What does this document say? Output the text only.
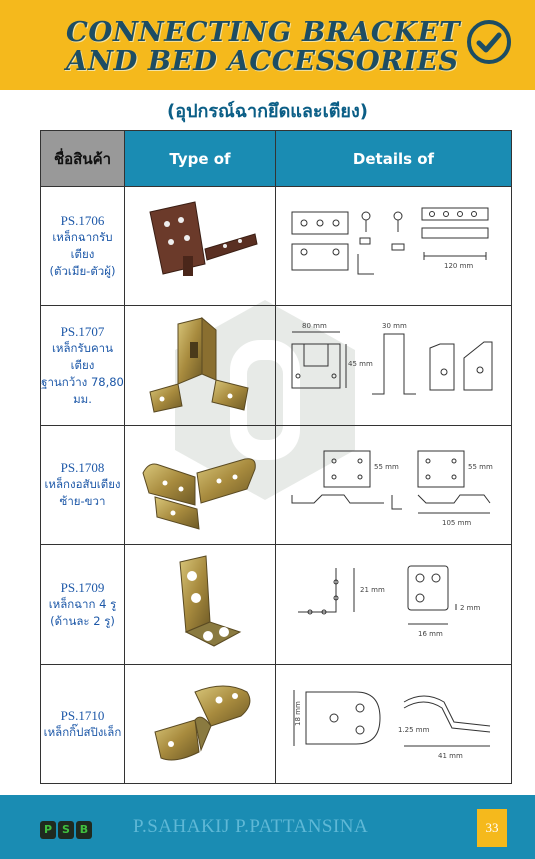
CONNECTING BRACKET
AND BED ACCESSORIES
(อุปกรณ์ฉากยึดและเตียง)
ชื่อสินค้า	Type of	Details of

PS.1706
เหล็กฉากรับเตียง
(ตัวเมีย-ตัวผู้)		120 mm

PS.1707
เหล็กรับคานเตียง
ฐานกว้าง 78,80 มม.		80 mm
45 mm
30 mm

PS.1708
เหล็กงอสับเตียง
ซ้าย-ขวา		55 mm 55 mm
105 mm

PS.1709
เหล็กฉาก 4 รู
(ด้านละ 2 รู)		21 mm
2 mm
16 mm

PS.1710
เหล็กกิ๊ปสปิงเล็ก		18 mm
1.25 mm
41 mm
P S B	P.SAHAKIJ P.PATTANSINA	33
